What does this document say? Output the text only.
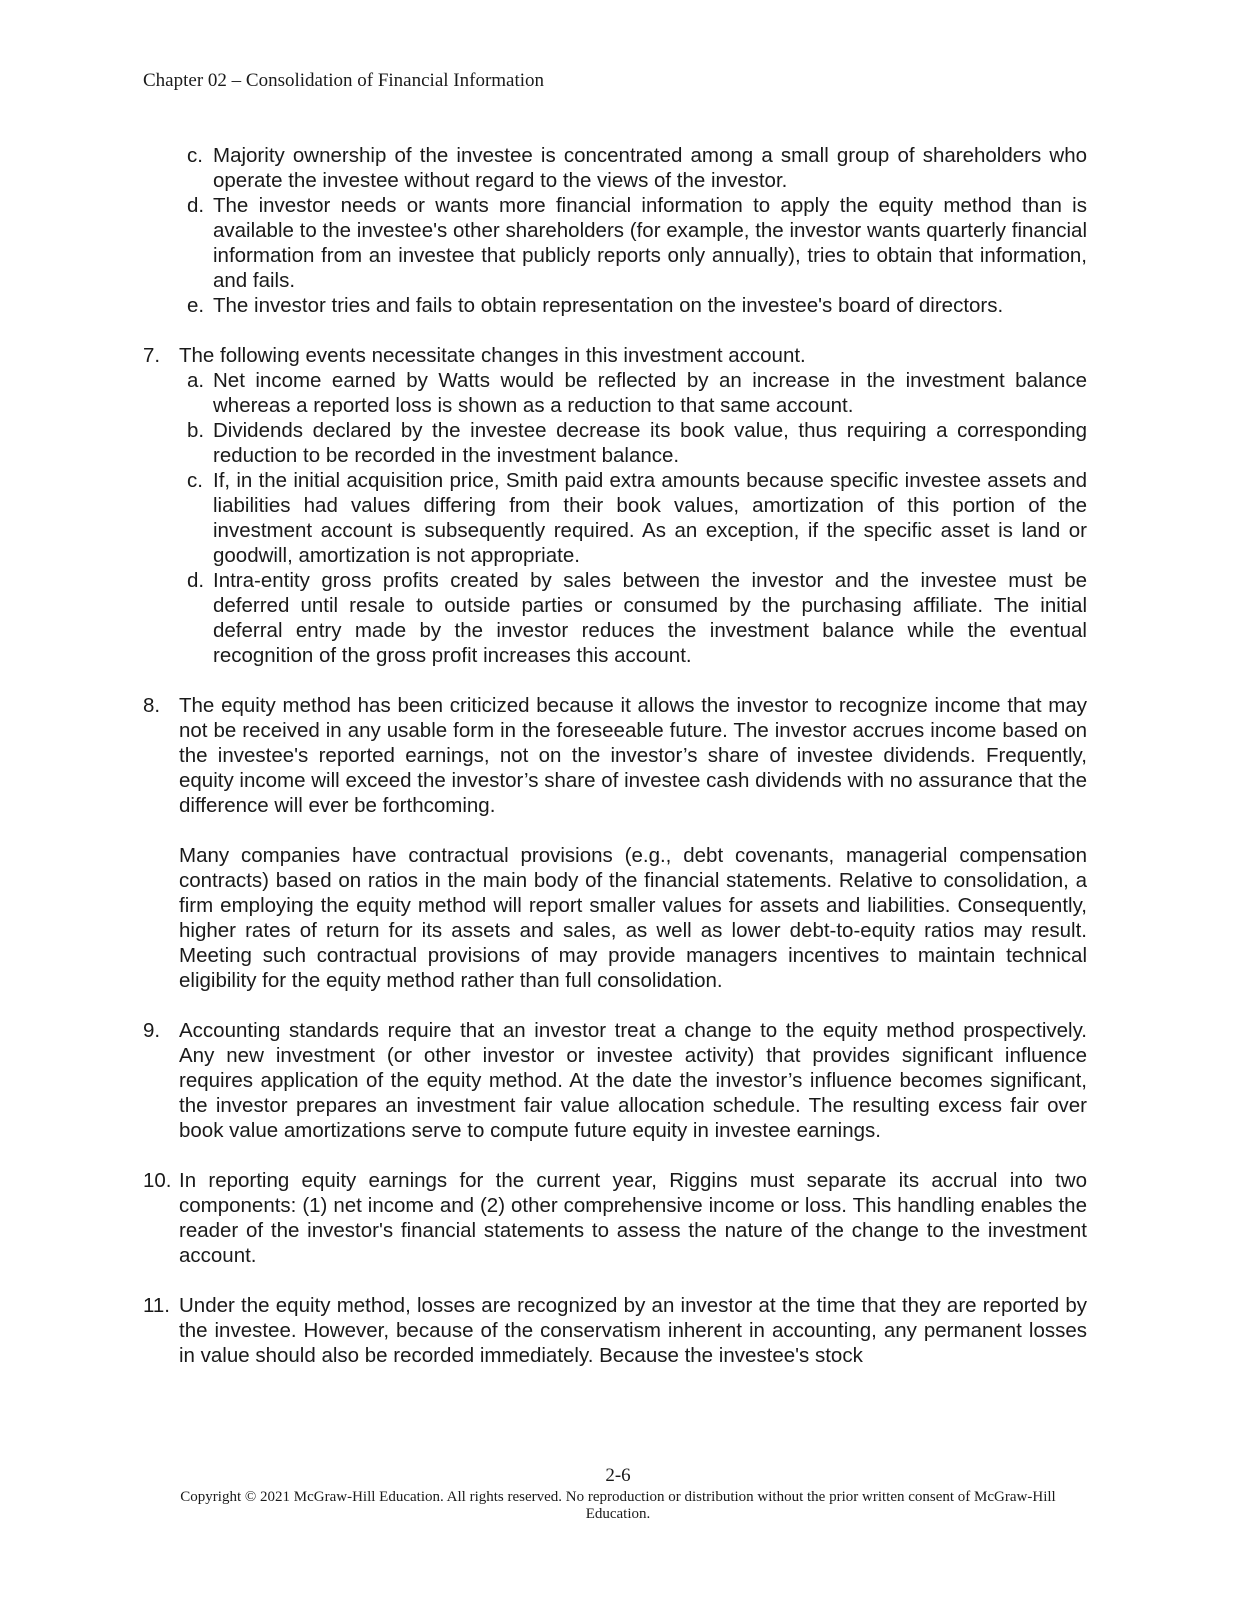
Chapter 02 – Consolidation of Financial Information
c. Majority ownership of the investee is concentrated among a small group of shareholders who operate the investee without regard to the views of the investor.
d. The investor needs or wants more financial information to apply the equity method than is available to the investee's other shareholders (for example, the investor wants quarterly financial information from an investee that publicly reports only annually), tries to obtain that information, and fails.
e. The investor tries and fails to obtain representation on the investee's board of directors.
7. The following events necessitate changes in this investment account.
a. Net income earned by Watts would be reflected by an increase in the investment balance whereas a reported loss is shown as a reduction to that same account.
b. Dividends declared by the investee decrease its book value, thus requiring a corresponding reduction to be recorded in the investment balance.
c. If, in the initial acquisition price, Smith paid extra amounts because specific investee assets and liabilities had values differing from their book values, amortization of this portion of the investment account is subsequently required. As an exception, if the specific asset is land or goodwill, amortization is not appropriate.
d. Intra-entity gross profits created by sales between the investor and the investee must be deferred until resale to outside parties or consumed by the purchasing affiliate. The initial deferral entry made by the investor reduces the investment balance while the eventual recognition of the gross profit increases this account.
8. The equity method has been criticized because it allows the investor to recognize income that may not be received in any usable form in the foreseeable future. The investor accrues income based on the investee's reported earnings, not on the investor’s share of investee dividends. Frequently, equity income will exceed the investor’s share of investee cash dividends with no assurance that the difference will ever be forthcoming.
Many companies have contractual provisions (e.g., debt covenants, managerial compensation contracts) based on ratios in the main body of the financial statements. Relative to consolidation, a firm employing the equity method will report smaller values for assets and liabilities. Consequently, higher rates of return for its assets and sales, as well as lower debt-to-equity ratios may result. Meeting such contractual provisions of may provide managers incentives to maintain technical eligibility for the equity method rather than full consolidation.
9. Accounting standards require that an investor treat a change to the equity method prospectively. Any new investment (or other investor or investee activity) that provides significant influence requires application of the equity method. At the date the investor’s influence becomes significant, the investor prepares an investment fair value allocation schedule. The resulting excess fair over book value amortizations serve to compute future equity in investee earnings.
10. In reporting equity earnings for the current year, Riggins must separate its accrual into two components: (1) net income and (2) other comprehensive income or loss. This handling enables the reader of the investor's financial statements to assess the nature of the change to the investment account.
11. Under the equity method, losses are recognized by an investor at the time that they are reported by the investee. However, because of the conservatism inherent in accounting, any permanent losses in value should also be recorded immediately. Because the investee's stock
2-6
Copyright © 2021 McGraw-Hill Education. All rights reserved. No reproduction or distribution without the prior written consent of McGraw-Hill Education.
